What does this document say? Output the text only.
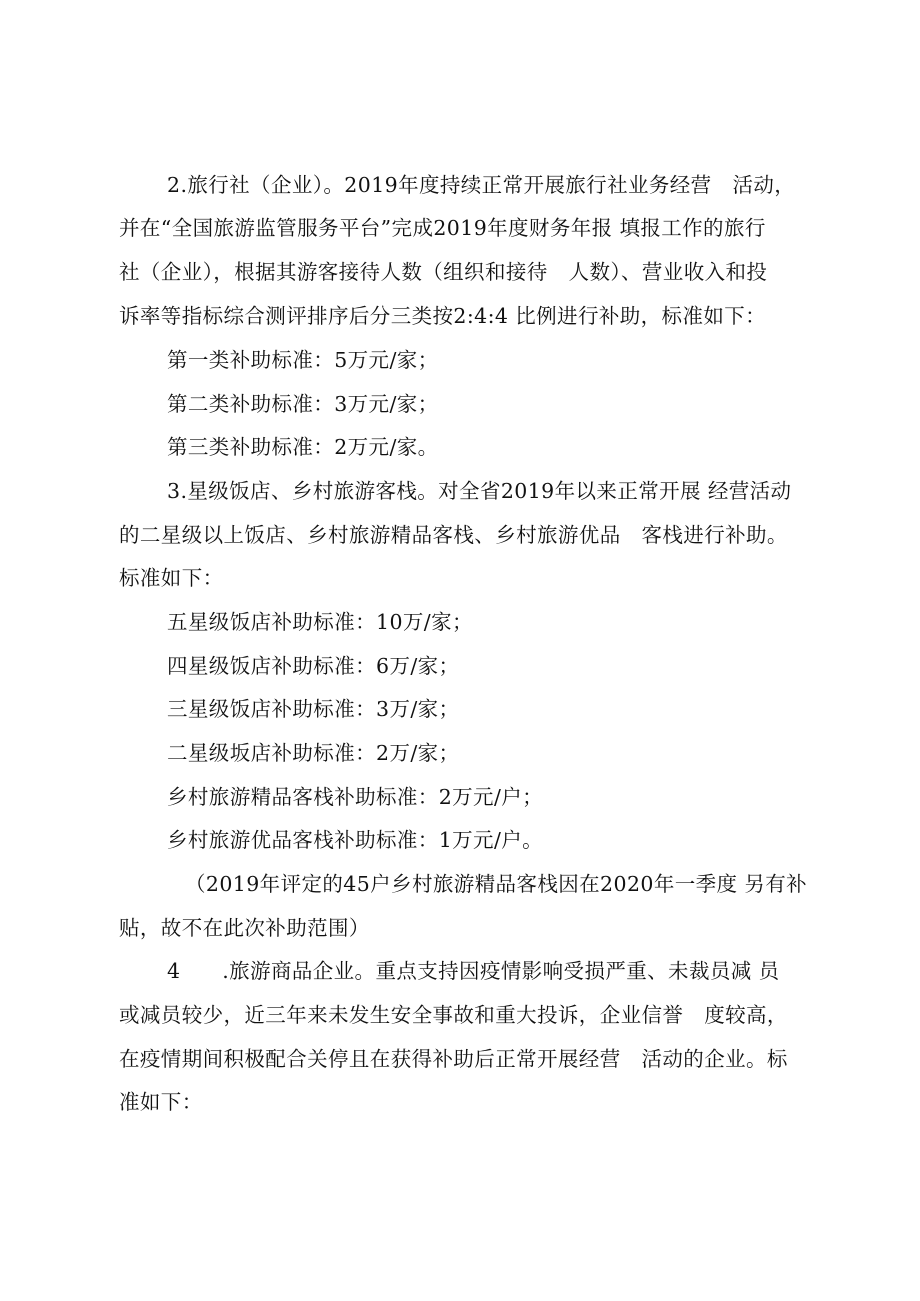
2.旅行社（企业）。2019年度持续正常开展旅行社业务经营　活动，
并在“全国旅游监管服务平台”完成2019年度财务年报 填报工作的旅行
社（企业），根据其游客接待人数（组织和接待　人数）、营业收入和投
诉率等指标综合测评排序后分三类按2:4:4 比例进行补助，标准如下：
第一类补助标准：5万元/家；
第二类补助标准：3万元/家；
第三类补助标准：2万元/家。
3.星级饭店、乡村旅游客栈。对全省2019年以来正常开展 经营活动
的二星级以上饭店、乡村旅游精品客栈、乡村旅游优品　客栈进行补助。
标准如下：
五星级饭店补助标准：10万/家；
四星级饭店补助标准：6万/家；
三星级饭店补助标准：3万/家；
二星级坂店补助标准：2万/家；
乡村旅游精品客栈补助标准：2万元/户；
乡村旅游优品客栈补助标准：1万元/户。
（2019年评定的45户乡村旅游精品客栈因在2020年一季度 另有补
贴，故不在此次补助范围）
4　　.旅游商品企业。重点支持因疫情影响受损严重、未裁员减 员
或减员较少，近三年来未发生安全事故和重大投诉，企业信誉　度较高，
在疫情期间积极配合关停且在获得补助后正常开展经营　活动的企业。标
准如下：
